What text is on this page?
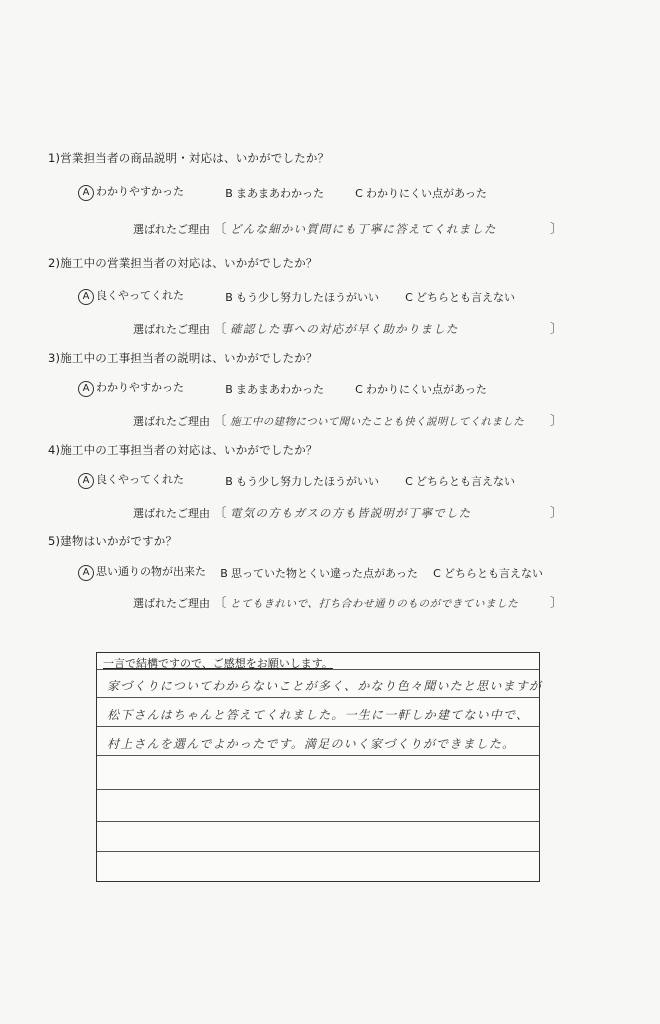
1)営業担当者の商品説明・対応は、いかがでしたか？
A わかりやすかった	B まあまあわかった	C わかりにくい点があった
選ばれたご理由 〔 どんな細かい質問にも丁寧に答えてくれました	〕
2)施工中の営業担当者の対応は、いかがでしたか？
A 良くやってくれた	B もう少し努力したほうがいい C どちらとも言えない
選ばれたご理由 〔 確認した事への対応が早く助かりました	〕
3)施工中の工事担当者の説明は、いかがでしたか？
A わかりやすかった	B まあまあわかった	C わかりにくい点があった
選ばれたご理由 〔 施工中の建物について聞いたことも快く説明してくれました 〕
4)施工中の工事担当者の対応は、いかがでしたか？
A 良くやってくれた	B もう少し努力したほうがいい C どちらとも言えない
選ばれたご理由 〔 電気の方もガスの方も皆説明が丁寧でした	〕
5)建物はいかがですか？
A 思い通りの物が出来た B 思っていた物とくい違った点があった C どちらとも言えない
選ばれたご理由 〔 とてもきれいで、打ち合わせ通りのものができていました 〕
一言で結構ですので、ご感想をお願いします。
家づくりについてわからないことが多く、かなり色々聞いたと思いますが
松下さんはちゃんと答えてくれました。一生に一軒しか建てない中で、
村上さんを選んでよかったです。満足のいく家づくりができました。
